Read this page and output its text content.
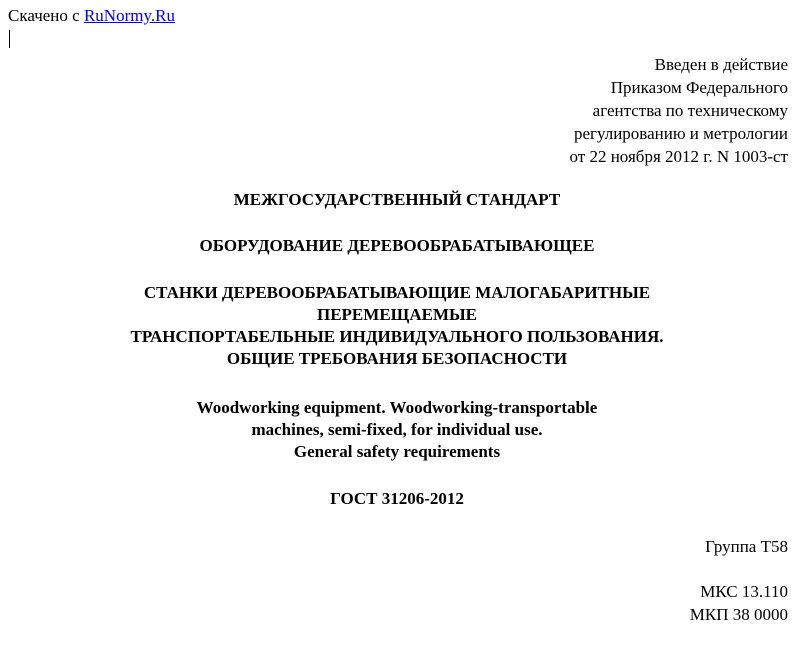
Скачено с RuNormy.Ru
Введен в действие
Приказом Федерального
агентства по техническому
регулированию и метрологии
от 22 ноября 2012 г. N 1003-ст
МЕЖГОСУДАРСТВЕННЫЙ СТАНДАРТ
ОБОРУДОВАНИЕ ДЕРЕВООБРАБАТЫВАЮЩЕЕ
СТАНКИ ДЕРЕВООБРАБАТЫВАЮЩИЕ МАЛОГАБАРИТНЫЕ
ПЕРЕМЕЩАЕМЫЕ
ТРАНСПОРТАБЕЛЬНЫЕ ИНДИВИДУАЛЬНОГО ПОЛЬЗОВАНИЯ.
ОБЩИЕ ТРЕБОВАНИЯ БЕЗОПАСНОСТИ
Woodworking equipment. Woodworking-transportable
machines, semi-fixed, for individual use.
General safety requirements
ГОСТ 31206-2012
Группа Т58
МКС 13.110
МКП 38 0000
